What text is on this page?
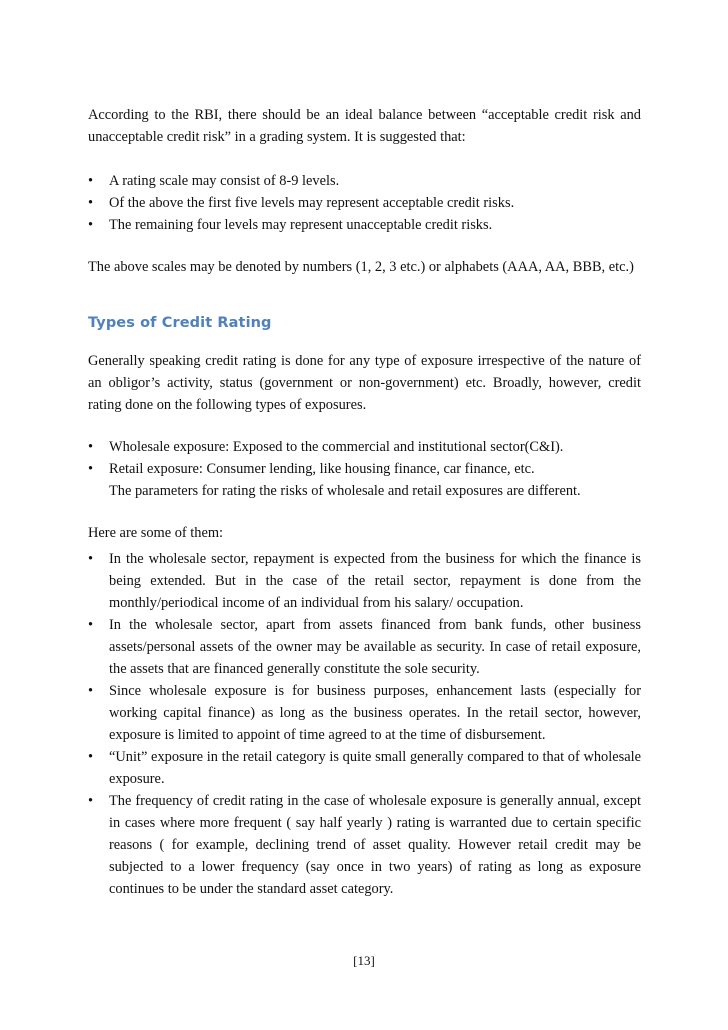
According to the RBI, there should be an ideal balance between “acceptable credit risk and unacceptable credit risk” in a grading system. It is suggested that:

•	A rating scale may consist of 8-9 levels.
•	Of the above the first five levels may represent acceptable credit risks.
•	The remaining four levels may represent unacceptable credit risks.

The above scales may be denoted by numbers (1, 2, 3 etc.) or alphabets (AAA, AA, BBB, etc.)

Types of Credit Rating

Generally speaking credit rating is done for any type of exposure irrespective of the nature of an obligor’s activity, status (government or non-government) etc. Broadly, however, credit rating done on the following types of exposures.

•	Wholesale exposure: Exposed to the commercial and institutional sector(C&I).
•	Retail exposure: Consumer lending, like housing finance, car finance, etc.
The parameters for rating the risks of wholesale and retail exposures are different.

Here are some of them:

•	In the wholesale sector, repayment is expected from the business for which the finance is being extended. But in the case of the retail sector, repayment is done from the monthly/periodical income of an individual from his salary/ occupation.
•	In the wholesale sector, apart from assets financed from bank funds, other business assets/personal assets of the owner may be available as security. In case of retail exposure, the assets that are financed generally constitute the sole security.
•	Since wholesale exposure is for business purposes, enhancement lasts (especially for working capital finance) as long as the business operates. In the retail sector, however, exposure is limited to appoint of time agreed to at the time of disbursement.
•	“Unit” exposure in the retail category is quite small generally compared to that of wholesale exposure.
•	The frequency of credit rating in the case of wholesale exposure is generally annual, except in cases where more frequent ( say half yearly ) rating is warranted due to certain specific reasons ( for example, declining trend of asset quality. However retail credit may be subjected to a lower frequency (say once in two years) of rating as long as exposure continues to be under the standard asset category.
[13]
